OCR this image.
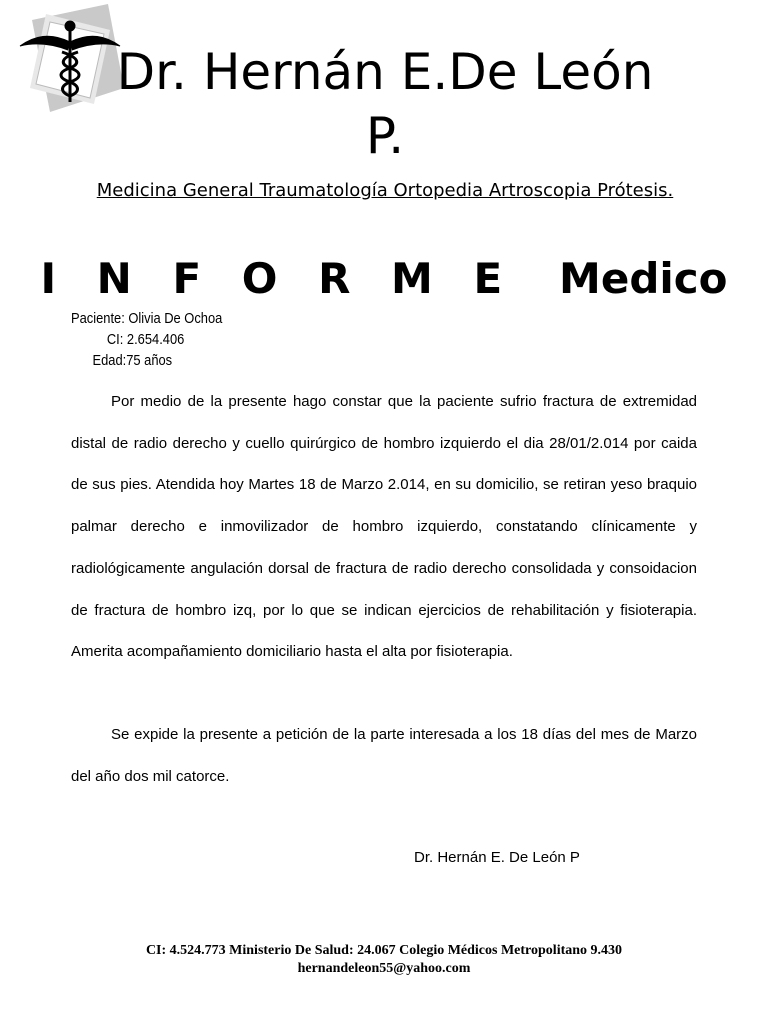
Dr. Hernán E.De León P.
Medicina General Traumatología Ortopedia Artroscopia Prótesis.
I N F O R M E Medico
Paciente: Olivia De Ochoa
CI: 2.654.406
Edad:75 años

Por medio de la presente hago constar que la paciente sufrio fractura de extremidad distal de radio derecho y cuello quirúrgico de hombro izquierdo el dia 28/01/2.014 por caida de sus pies. Atendida hoy Martes 18 de Marzo 2.014, en su domicilio, se retiran yeso braquio palmar derecho e inmovilizador de hombro izquierdo, constatando clínicamente y radiológicamente angulación dorsal de fractura de radio derecho consolidada y consoidacion de fractura de hombro izq, por lo que se indican ejercicios de rehabilitación y fisioterapia. Amerita acompañamiento domiciliario hasta el alta por fisioterapia.

Se expide la presente a petición de la parte interesada a los 18 días del mes de Marzo del año dos mil catorce.

Dr. Hernán E. De León P
CI: 4.524.773 Ministerio De Salud: 24.067 Colegio Médicos Metropolitano 9.430
hernandeleon55@yahoo.com
